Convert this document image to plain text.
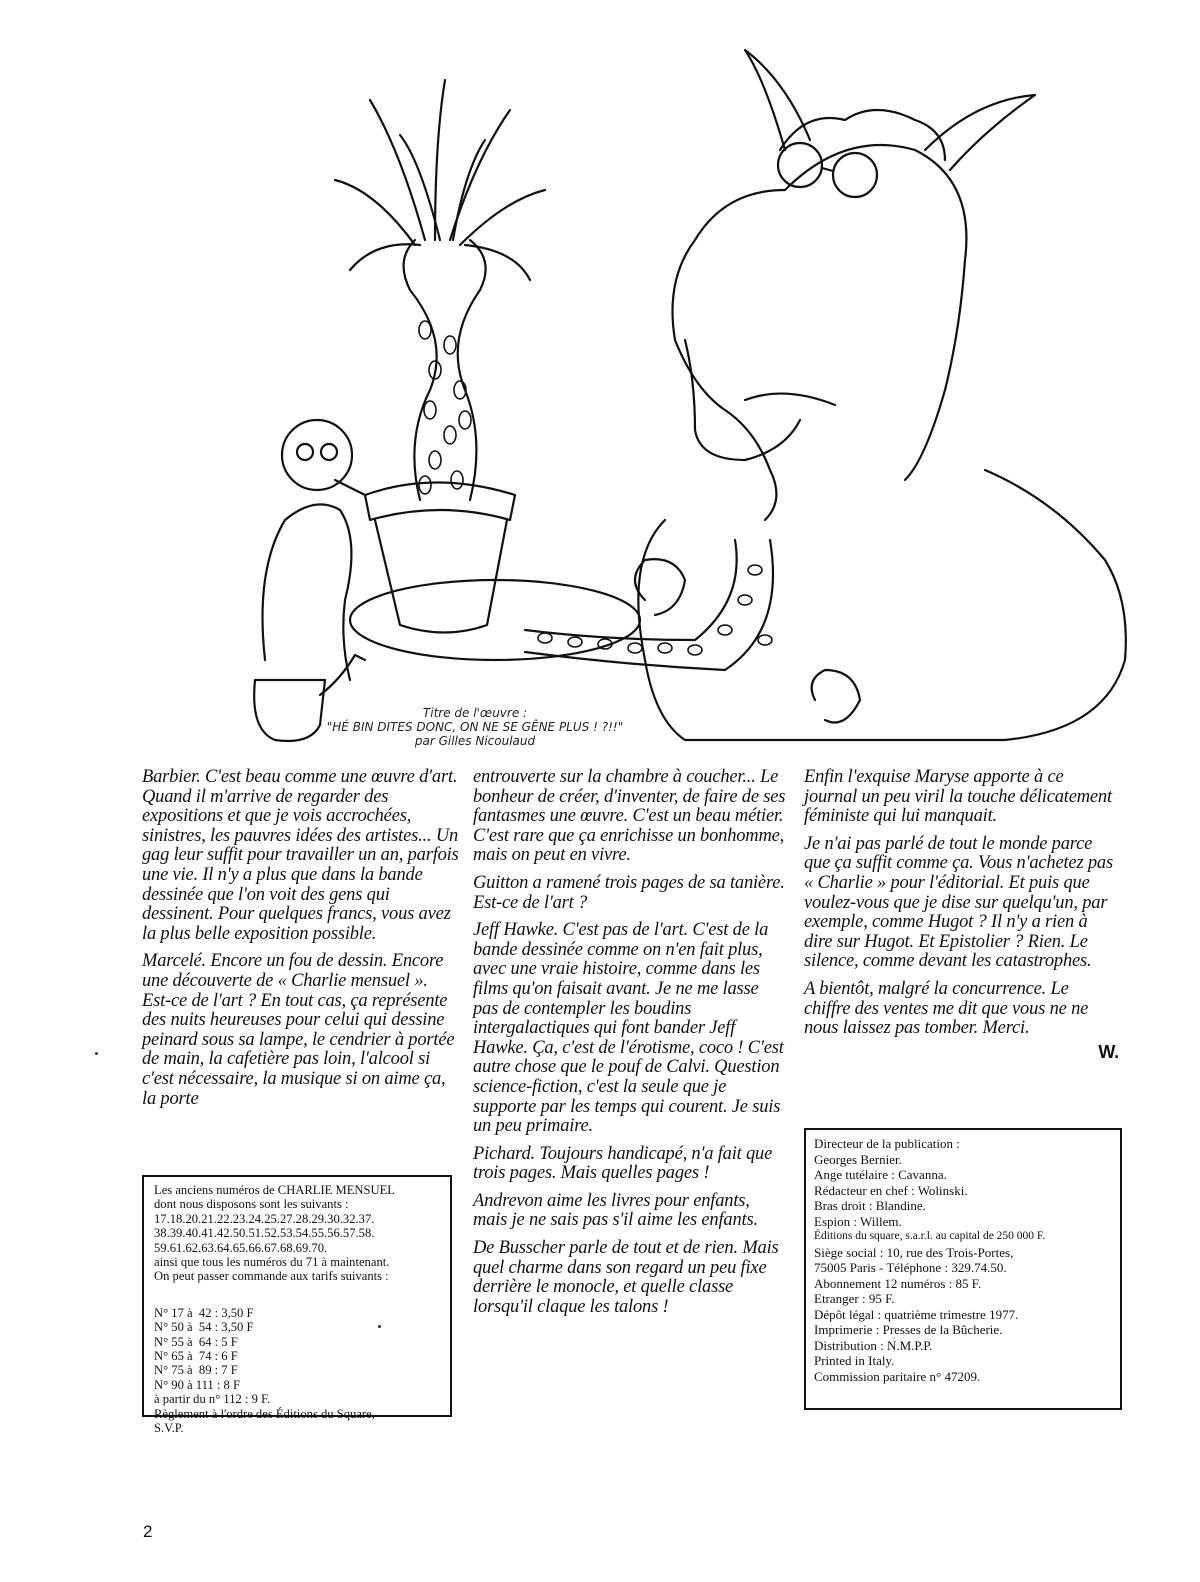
Titre de l'œuvre :
"HÉ BIN DITES DONC, ON NE SE GÊNE PLUS ! ?!!"
par Gilles Nicoulaud

Barbier. C'est beau comme une œuvre d'art. Quand il m'arrive de regarder des expositions et que je vois accrochées, sinistres, les pauvres idées des artistes... Un gag leur suffit pour travailler un an, parfois une vie. Il n'y a plus que dans la bande dessinée que l'on voit des gens qui dessinent. Pour quelques francs, vous avez la plus belle exposition possible.

Marcelé. Encore un fou de dessin. Encore une découverte de « Charlie mensuel ». Est-ce de l'art ? En tout cas, ça représente des nuits heureuses pour celui qui dessine peinard sous sa lampe, le cendrier à portée de main, la cafetière pas loin, l'alcool si c'est nécessaire, la musique si on aime ça, la porte

entrouverte sur la chambre à coucher... Le bonheur de créer, d'inventer, de faire de ses fantasmes une œuvre. C'est un beau métier. C'est rare que ça enrichisse un bonhomme, mais on peut en vivre.

Guitton a ramené trois pages de sa tanière. Est-ce de l'art ?

Jeff Hawke. C'est pas de l'art. C'est de la bande dessinée comme on n'en fait plus, avec une vraie histoire, comme dans les films qu'on faisait avant. Je ne me lasse pas de contempler les boudins intergalactiques qui font bander Jeff Hawke. Ça, c'est de l'érotisme, coco ! C'est autre chose que le pouf de Calvi. Question science-fiction, c'est la seule que je supporte par les temps qui courent. Je suis un peu primaire.

Pichard. Toujours handicapé, n'a fait que trois pages. Mais quelles pages !

Andrevon aime les livres pour enfants, mais je ne sais pas s'il aime les enfants.

De Busscher parle de tout et de rien. Mais quel charme dans son regard un peu fixe derrière le monocle, et quelle classe lorsqu'il claque les talons !

Enfin l'exquise Maryse apporte à ce journal un peu viril la touche délicatement féministe qui lui manquait.

Je n'ai pas parlé de tout le monde parce que ça suffit comme ça. Vous n'achetez pas « Charlie » pour l'éditorial. Et puis que voulez-vous que je dise sur quelqu'un, par exemple, comme Hugot ? Il n'y a rien à dire sur Hugot. Et Epistolier ? Rien. Le silence, comme devant les catastrophes.

A bientôt, malgré la concurrence. Le chiffre des ventes me dit que vous ne ne nous laissez pas tomber. Merci.

W.
Les anciens numéros de CHARLIE MENSUEL
dont nous disposons sont les suivants :
17.18.20.21.22.23.24.25.27.28.29.30.32.37.
38.39.40.41.42.50.51.52.53.54.55.56.57.58.
59.61.62.63.64.65.66.67.68.69.70.
ainsi que tous les numéros du 71 à maintenant.
On peut passer commande aux tarifs suivants :
N° 17 à  42 : 3,50 F
N° 50 à  54 : 3,50 F
N° 55 à  64 : 5 F
N° 65 à  74 : 6 F
N° 75 à  89 : 7 F
N° 90 à 111 : 8 F
à partir du n° 112 : 9 F.
Règlement à l'ordre des Éditions du Square,
S.V.P.
Directeur de la publication :
Georges Bernier.
Ange tutélaire : Cavanna.
Rédacteur en chef : Wolinski.
Bras droit : Blandine.
Espion : Willem.
Éditions du square, s.a.r.l. au capital de 250 000 F.
Siège social : 10, rue des Trois-Portes,
75005 Paris - Téléphone : 329.74.50.
Abonnement 12 numéros : 85 F.
Etranger : 95 F.
Dépôt légal : quatrième trimestre 1977.
Imprimerie : Presses de la Bûcherie.
Distribution : N.M.P.P.
Printed in Italy.
Commission paritaire n° 47209.
2
